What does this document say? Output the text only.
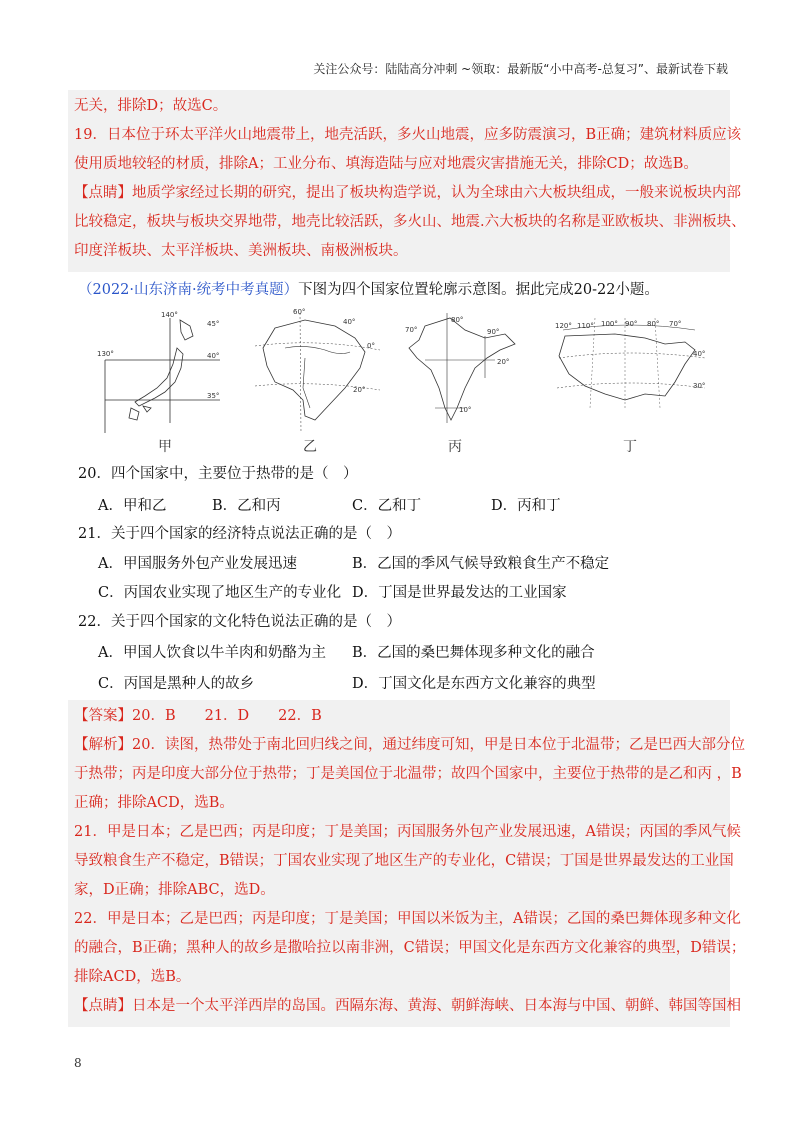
关注公众号：陆陆高分冲刺 ~领取：最新版“小中高考-总复习”、最新试卷下载
无关，排除D；故选C。
19．日本位于环太平洋火山地震带上，地壳活跃，多火山地震，应多防震演习，B正确；建筑材料质应该
使用质地较轻的材质，排除A；工业分布、填海造陆与应对地震灾害措施无关，排除CD；故选B。
【点睛】地质学家经过长期的研究，提出了板块构造学说，认为全球由六大板块组成，一般来说板块内部
比较稳定，板块与板块交界地带，地壳比较活跃，多火山、地震.六大板块的名称是亚欧板块、非洲板块、
印度洋板块、太平洋板块、美洲板块、南极洲板块。
（2022·山东济南·统考中考真题）下图为四个国家位置轮廓示意图。据此完成20-22小题。
140°
45°
130°	40°
35°
甲
60°
40°
0°
20°
乙
80°
70°	90°
20°
10°
丙
120° 110° 100° 90° 80° 70°
40°
30°
丁
20．四个国家中，主要位于热带的是（　）
A．甲和乙	B．乙和丙	C．乙和丁	D．丙和丁
21．关于四个国家的经济特点说法正确的是（　）
A．甲国服务外包产业发展迅速	B．乙国的季风气候导致粮食生产不稳定
C．丙国农业实现了地区生产的专业化 D．丁国是世界最发达的工业国家
22．关于四个国家的文化特色说法正确的是（　）
A．甲国人饮食以牛羊肉和奶酪为主 B．乙国的桑巴舞体现多种文化的融合
C．丙国是黑种人的故乡	D．丁国文化是东西方文化兼容的典型
【答案】20．B　　21．D　　22．B
【解析】20．读图，热带处于南北回归线之间，通过纬度可知，甲是日本位于北温带；乙是巴西大部分位
于热带；丙是印度大部分位于热带；丁是美国位于北温带；故四个国家中，主要位于热带的是乙和丙 ，B
正确；排除ACD，选B。
21．甲是日本；乙是巴西；丙是印度；丁是美国；丙国服务外包产业发展迅速，A错误；丙国的季风气候
导致粮食生产不稳定，B错误；丁国农业实现了地区生产的专业化，C错误；丁国是世界最发达的工业国
家，D正确；排除ABC，选D。
22．甲是日本；乙是巴西；丙是印度；丁是美国；甲国以米饭为主，A错误；乙国的桑巴舞体现多种文化
的融合，B正确；黑种人的故乡是撒哈拉以南非洲，C错误；甲国文化是东西方文化兼容的典型，D错误；
排除ACD，选B。
【点睛】日本是一个太平洋西岸的岛国。西隔东海、黄海、朝鲜海峡、日本海与中国、朝鲜、韩国等国相
8
